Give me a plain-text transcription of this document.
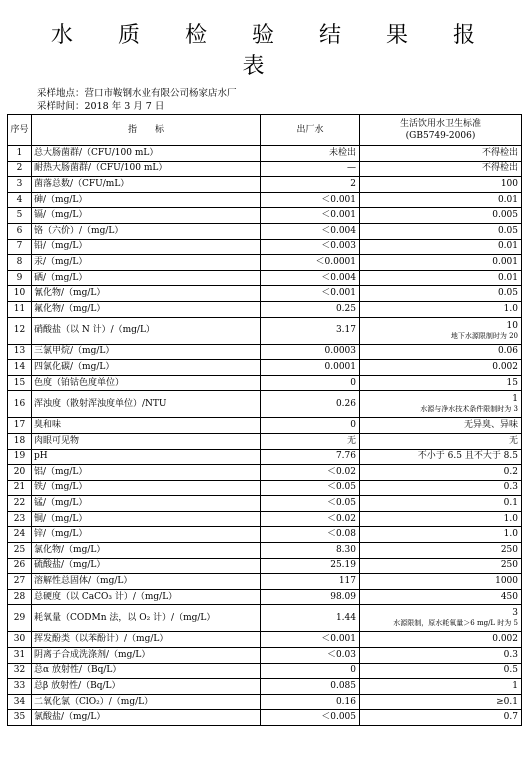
水 质 检 验 结 果 报 表
采样地点：营口市鞍钢水业有限公司杨家店水厂
采样时间：2018 年 3 月 7 日
序号	指　　标	出厂水	生活饮用水卫生标准
(GB5749-2006)

1	总大肠菌群/（CFU/100 mL）	未检出	不得检出
2	耐热大肠菌群/（CFU/100 mL）	—	不得检出
3	菌落总数/（CFU/mL）	2	100
4	砷/（mg/L）	＜0.001	0.01
5	镉/（mg/L）	＜0.001	0.005
6	铬（六价）/（mg/L）	＜0.004	0.05
7	铅/（mg/L）	＜0.003	0.01
8	汞/（mg/L）	＜0.0001	0.001
9	硒/（mg/L）	＜0.004	0.01
10	氰化物/（mg/L）	＜0.001	0.05
11	氟化物/（mg/L）	0.25	1.0
12	硝酸盐（以 N 计）/（mg/L）	3.17	10
地下水源限制时为 20

13	三氯甲烷/（mg/L）	0.0003	0.06
14	四氯化碳/（mg/L）	0.0001	0.002
15	色度（铂钴色度单位）	0	15
16	浑浊度（散射浑浊度单位）/NTU	0.26	1
水源与净水技术条件限制时为 3

17	臭和味	0	无异臭、异味
18	肉眼可见物	无	无
19	pH	7.76	不小于 6.5 且不大于 8.5
20	铝/（mg/L）	＜0.02	0.2
21	铁/（mg/L）	＜0.05	0.3
22	锰/（mg/L）	＜0.05	0.1
23	铜/（mg/L）	＜0.02	1.0
24	锌/（mg/L）	＜0.08	1.0
25	氯化物/（mg/L）	8.30	250
26	硫酸盐/（mg/L）	25.19	250
27	溶解性总固体/（mg/L）	117	1000
28	总硬度（以 CaCO₃ 计）/（mg/L）	98.09	450
29	耗氧量（CODMn 法，以 O₂ 计）/（mg/L）	1.44	3
水源限制，原水耗氧量＞6 mg/L 时为 5

30	挥发酚类（以苯酚计）/（mg/L）	＜0.001	0.002
31	阴离子合成洗涤剂/（mg/L）	＜0.03	0.3
32	总α 放射性/（Bq/L）	0	0.5
33	总β 放射性/（Bq/L）	0.085	1
34	二氧化氯（ClO₂）/（mg/L）	0.16	≥0.1
35	氯酸盐/（mg/L）	＜0.005	0.7
